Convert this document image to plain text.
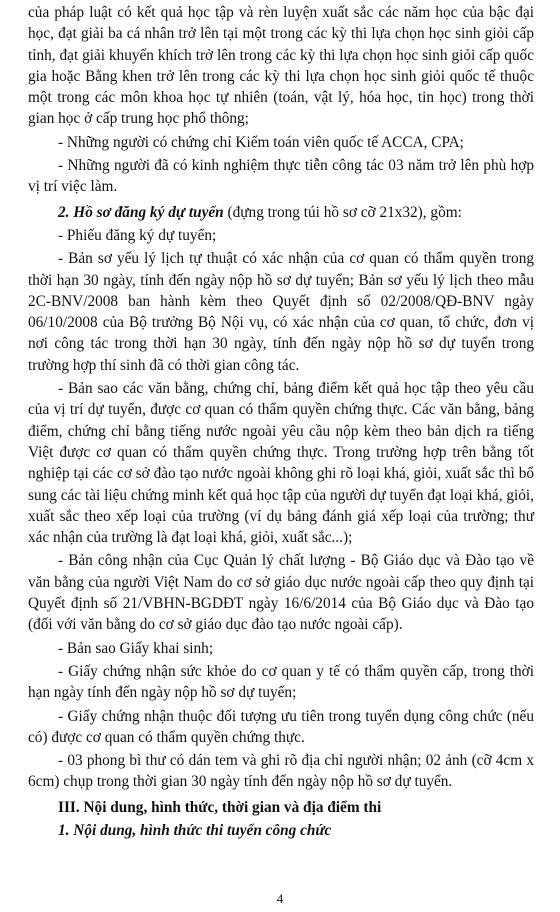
của pháp luật có kết quả học tập và rèn luyện xuất sắc các năm học của bậc đại học, đạt giải ba cá nhân trở lên tại một trong các kỳ thi lựa chọn học sinh giỏi cấp tỉnh, đạt giải khuyến khích trở lên trong các kỳ thi lựa chọn học sinh giỏi cấp quốc gia hoặc Bằng khen trở lên trong các kỳ thi lựa chọn học sinh giỏi quốc tế thuộc một trong các môn khoa học tự nhiên (toán, vật lý, hóa học, tin học) trong thời gian học ở cấp trung học phổ thông;

- Những người có chứng chỉ Kiểm toán viên quốc tế ACCA, CPA;

- Những người đã có kinh nghiệm thực tiễn công tác 03 năm trở lên phù hợp vị trí việc làm.

2. Hồ sơ đăng ký dự tuyển (đựng trong túi hồ sơ cỡ 21x32), gồm:

- Phiếu đăng ký dự tuyển;

- Bản sơ yếu lý lịch tự thuật có xác nhận của cơ quan có thẩm quyền trong thời hạn 30 ngày, tính đến ngày nộp hồ sơ dự tuyển; Bản sơ yếu lý lịch theo mẫu 2C-BNV/2008 ban hành kèm theo Quyết định số 02/2008/QĐ-BNV ngày 06/10/2008 của Bộ trưởng Bộ Nội vụ, có xác nhận của cơ quan, tổ chức, đơn vị nơi công tác trong thời hạn 30 ngày, tính đến ngày nộp hồ sơ dự tuyển trong trường hợp thí sinh đã có thời gian công tác.

- Bản sao các văn bằng, chứng chỉ, bảng điểm kết quả học tập theo yêu cầu của vị trí dự tuyển, được cơ quan có thẩm quyền chứng thực. Các văn bằng, bảng điểm, chứng chỉ bằng tiếng nước ngoài yêu cầu nộp kèm theo bản dịch ra tiếng Việt được cơ quan có thẩm quyền chứng thực. Trong trường hợp trên bằng tốt nghiệp tại các cơ sở đào tạo nước ngoài không ghi rõ loại khá, giỏi, xuất sắc thì bổ sung các tài liệu chứng minh kết quả học tập của người dự tuyển đạt loại khá, giỏi, xuất sắc theo xếp loại của trường (ví dụ bảng đánh giá xếp loại của trường; thư xác nhận của trường là đạt loại khá, giỏi, xuất sắc...);

- Bản công nhận của Cục Quản lý chất lượng - Bộ Giáo dục và Đào tạo về văn bằng của người Việt Nam do cơ sở giáo dục nước ngoài cấp theo quy định tại Quyết định số 21/VBHN-BGDĐT ngày 16/6/2014 của Bộ Giáo dục và Đào tạo (đối với văn bằng do cơ sở giáo dục đào tạo nước ngoài cấp).

- Bản sao Giấy khai sinh;

- Giấy chứng nhận sức khỏe do cơ quan y tế có thẩm quyền cấp, trong thời hạn ngày tính đến ngày nộp hồ sơ dự tuyển;

- Giấy chứng nhận thuộc đối tượng ưu tiên trong tuyển dụng công chức (nếu có) được cơ quan có thẩm quyền chứng thực.

- 03 phong bì thư có dán tem và ghi rõ địa chỉ người nhận; 02 ảnh (cỡ 4cm x 6cm) chụp trong thời gian 30 ngày tính đến ngày nộp hồ sơ dự tuyển.

III. Nội dung, hình thức, thời gian và địa điểm thi

1. Nội dung, hình thức thi tuyển công chức

4
